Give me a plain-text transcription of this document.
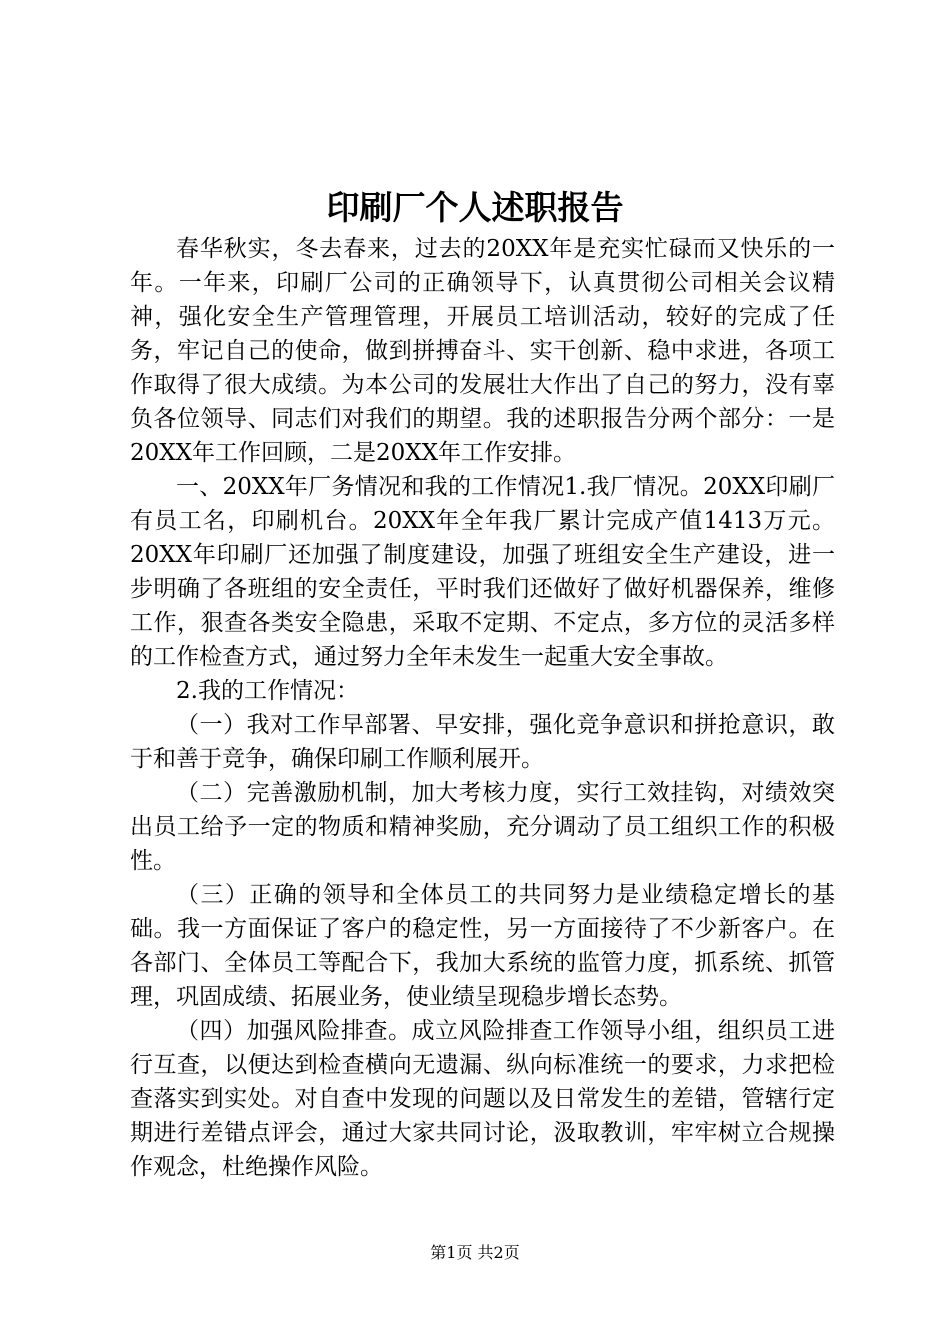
印刷厂个人述职报告

春华秋实，冬去春来，过去的20XX年是充实忙碌而又快乐的一年。一年来，印刷厂公司的正确领导下，认真贯彻公司相关会议精神，强化安全生产管理管理，开展员工培训活动，较好的完成了任务，牢记自己的使命，做到拼搏奋斗、实干创新、稳中求进，各项工作取得了很大成绩。为本公司的发展壮大作出了自己的努力，没有辜负各位领导、同志们对我们的期望。我的述职报告分两个部分：一是20XX年工作回顾，二是20XX年工作安排。

一、20XX年厂务情况和我的工作情况1.我厂情况。20XX印刷厂有员工名，印刷机台。20XX年全年我厂累计完成产值1413万元。20XX年印刷厂还加强了制度建设，加强了班组安全生产建设，进一步明确了各班组的安全责任，平时我们还做好了做好机器保养，维修工作，狠查各类安全隐患，采取不定期、不定点，多方位的灵活多样的工作检查方式，通过努力全年未发生一起重大安全事故。

2.我的工作情况：

（一）我对工作早部署、早安排，强化竞争意识和拼抢意识，敢于和善于竞争，确保印刷工作顺利展开。

（二）完善激励机制，加大考核力度，实行工效挂钩，对绩效突出员工给予一定的物质和精神奖励，充分调动了员工组织工作的积极性。

（三）正确的领导和全体员工的共同努力是业绩稳定增长的基础。我一方面保证了客户的稳定性，另一方面接待了不少新客户。在各部门、全体员工等配合下，我加大系统的监管力度，抓系统、抓管理，巩固成绩、拓展业务，使业绩呈现稳步增长态势。

（四）加强风险排查。成立风险排查工作领导小组，组织员工进行互查，以便达到检查横向无遗漏、纵向标准统一的要求，力求把检查落实到实处。对自查中发现的问题以及日常发生的差错，管辖行定期进行差错点评会，通过大家共同讨论，汲取教训，牢牢树立合规操作观念，杜绝操作风险。

第1页 共2页
